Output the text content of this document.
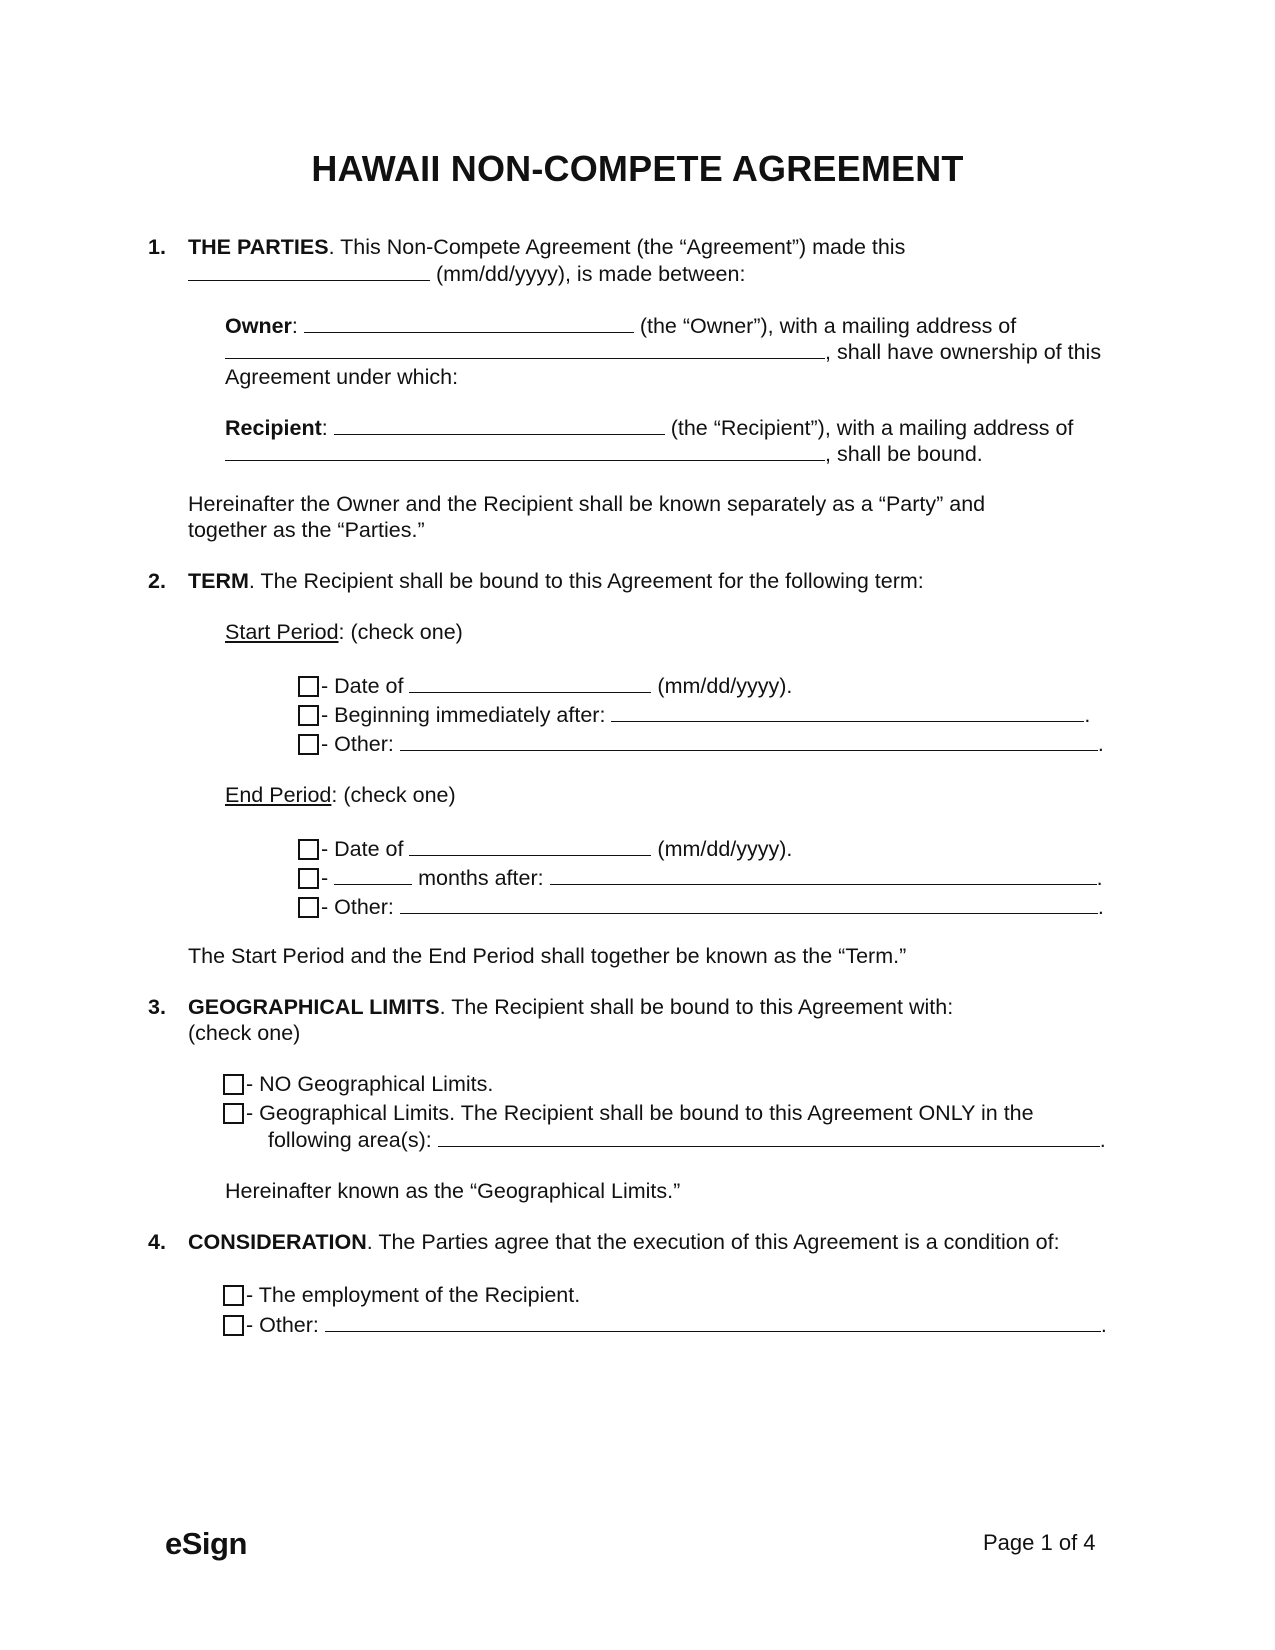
HAWAII NON-COMPETE AGREEMENT
1. THE PARTIES. This Non-Compete Agreement (the “Agreement”) made this
(mm/dd/yyyy), is made between:
Owner:	(the “Owner”), with a mailing address of
, shall have ownership of this
Agreement under which:
Recipient:	(the “Recipient”), with a mailing address of
, shall be bound.
Hereinafter the Owner and the Recipient shall be known separately as a “Party” and
together as the “Parties.”
2. TERM. The Recipient shall be bound to this Agreement for the following term:
Start Period: (check one)
- Date of	(mm/dd/yyyy).
- Beginning immediately after:	.
- Other:	.
End Period: (check one)
- Date of	(mm/dd/yyyy).
-	months after:	.
- Other:	.
The Start Period and the End Period shall together be known as the “Term.”
3. GEOGRAPHICAL LIMITS. The Recipient shall be bound to this Agreement with:
(check one)
- NO Geographical Limits.
- Geographical Limits. The Recipient shall be bound to this Agreement ONLY in the
following area(s):	.
Hereinafter known as the “Geographical Limits.”
4. CONSIDERATION. The Parties agree that the execution of this Agreement is a condition of:
- The employment of the Recipient.
- Other:	.
eSign	Page 1 of 4
